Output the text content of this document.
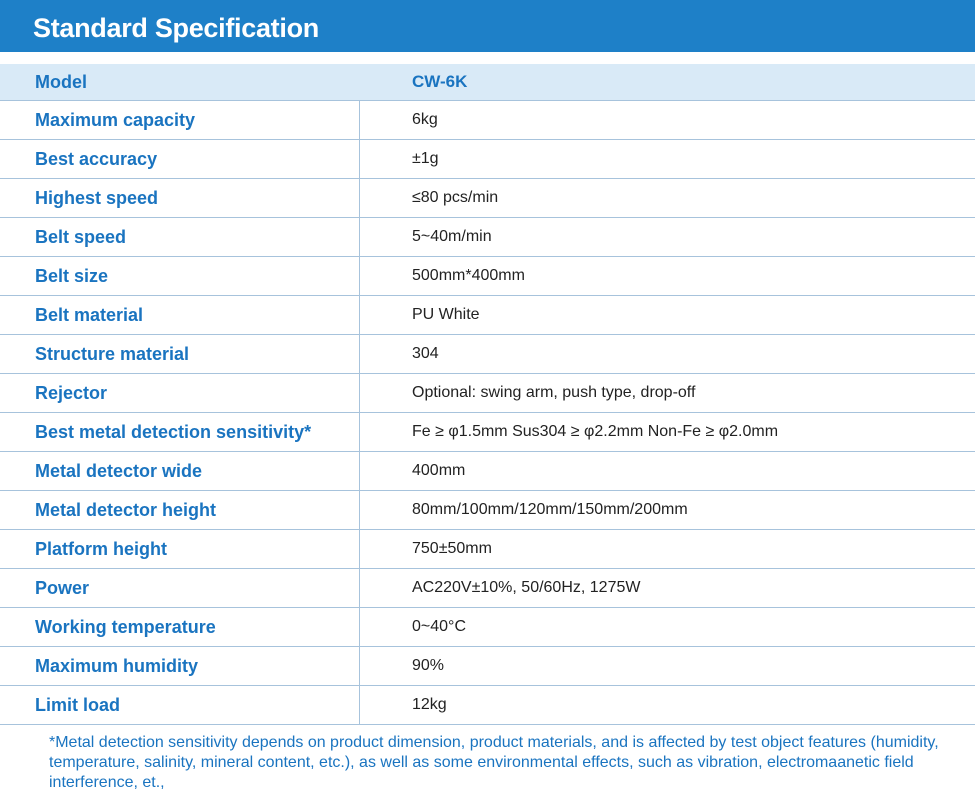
Standard Specification
Model	CW-6K
Maximum capacity	6kg
Best accuracy	±1g
Highest speed	≤80 pcs/min
Belt speed	5~40m/min
Belt size	500mm*400mm
Belt material	PU White
Structure material	304
Rejector	Optional: swing arm, push type, drop-off
Best metal detection sensitivity*	Fe ≥ φ1.5mm Sus304 ≥ φ2.2mm Non-Fe ≥ φ2.0mm
Metal detector wide	400mm
Metal detector height	80mm/100mm/120mm/150mm/200mm
Platform height	750±50mm
Power	AC220V±10%, 50/60Hz, 1275W
Working temperature	0~40°C
Maximum humidity	90%
Limit load	12kg
*Metal detection sensitivity depends on product dimension, product materials, and is affected by test object features (humidity, temperature, salinity, mineral content, etc.), as well as some environmental effects, such as vibration, electromaanetic field interference, et.,
